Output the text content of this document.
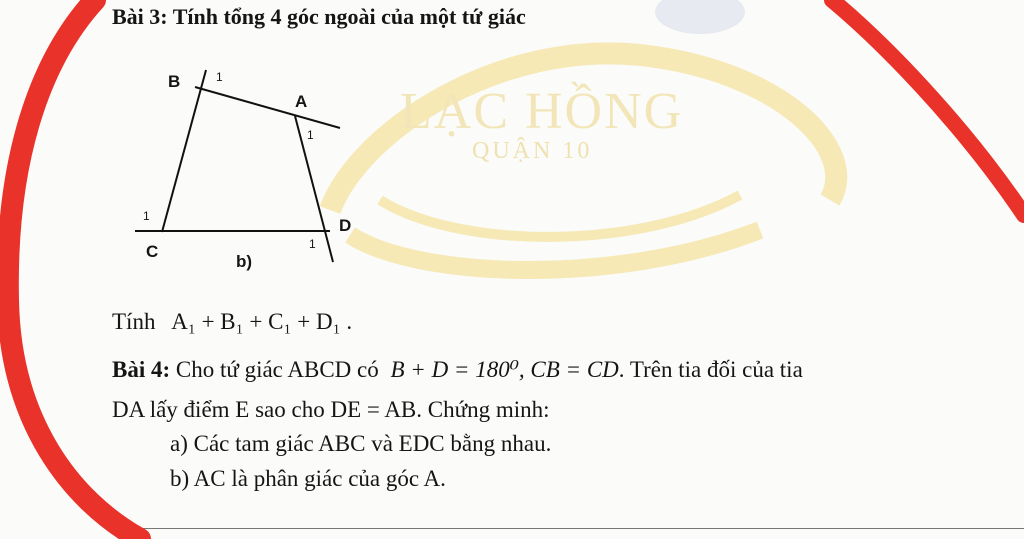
LẠC HỒNG
QUẬN 10
Bài 3: Tính tổng 4 góc ngoài của một tứ giác
B	1
A
1
1
C
D
1
b)
Tính A₁ + B₁ + C₁ + D₁ .
Bài 4: Cho tứ giác ABCD có B + D = 180⁰, CB = CD. Trên tia đối của tia
DA lấy điểm E sao cho DE = AB. Chứng minh:
a) Các tam giác ABC và EDC bằng nhau.
b) AC là phân giác của góc A.
